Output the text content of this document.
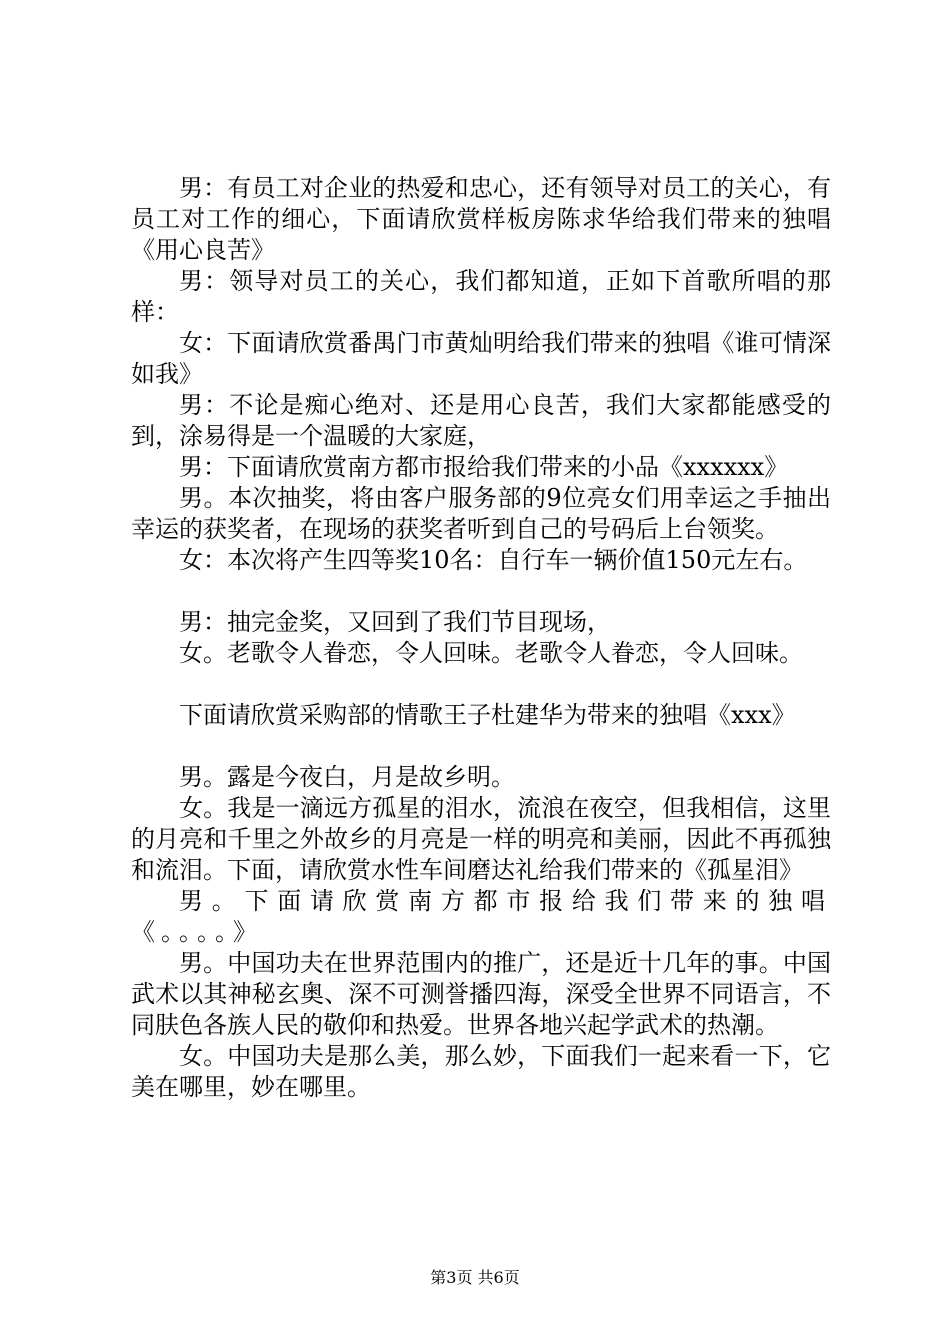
男：有员工对企业的热爱和忠心，还有领导对员工的关心，有员工对工作的细心，下面请欣赏样板房陈求华给我们带来的独唱《用心良苦》

男：领导对员工的关心，我们都知道，正如下首歌所唱的那样：

女：下面请欣赏番禺门市黄灿明给我们带来的独唱《谁可情深如我》

男：不论是痴心绝对、还是用心良苦，我们大家都能感受的到，涂易得是一个温暖的大家庭，

男：下面请欣赏南方都市报给我们带来的小品《xxxxxx》

男。本次抽奖，将由客户服务部的9位亮女们用幸运之手抽出幸运的获奖者，在现场的获奖者听到自己的号码后上台领奖。

女：本次将产生四等奖10名：自行车一辆价值150元左右。

男：抽完金奖，又回到了我们节目现场，

女。老歌令人眷恋，令人回味。老歌令人眷恋，令人回味。

下面请欣赏采购部的情歌王子杜建华为带来的独唱《xxx》

男。露是今夜白，月是故乡明。

女。我是一滴远方孤星的泪水，流浪在夜空，但我相信，这里的月亮和千里之外故乡的月亮是一样的明亮和美丽，因此不再孤独和流泪。下面，请欣赏水性车间磨达礼给我们带来的《孤星泪》

男。下面请欣赏南方都市报给我们带来的独唱《。。。。》

男。中国功夫在世界范围内的推广，还是近十几年的事。中国武术以其神秘玄奥、深不可测誉播四海，深受全世界不同语言，不同肤色各族人民的敬仰和热爱。世界各地兴起学武术的热潮。

女。中国功夫是那么美，那么妙，下面我们一起来看一下，它美在哪里，妙在哪里。

第3页 共6页
